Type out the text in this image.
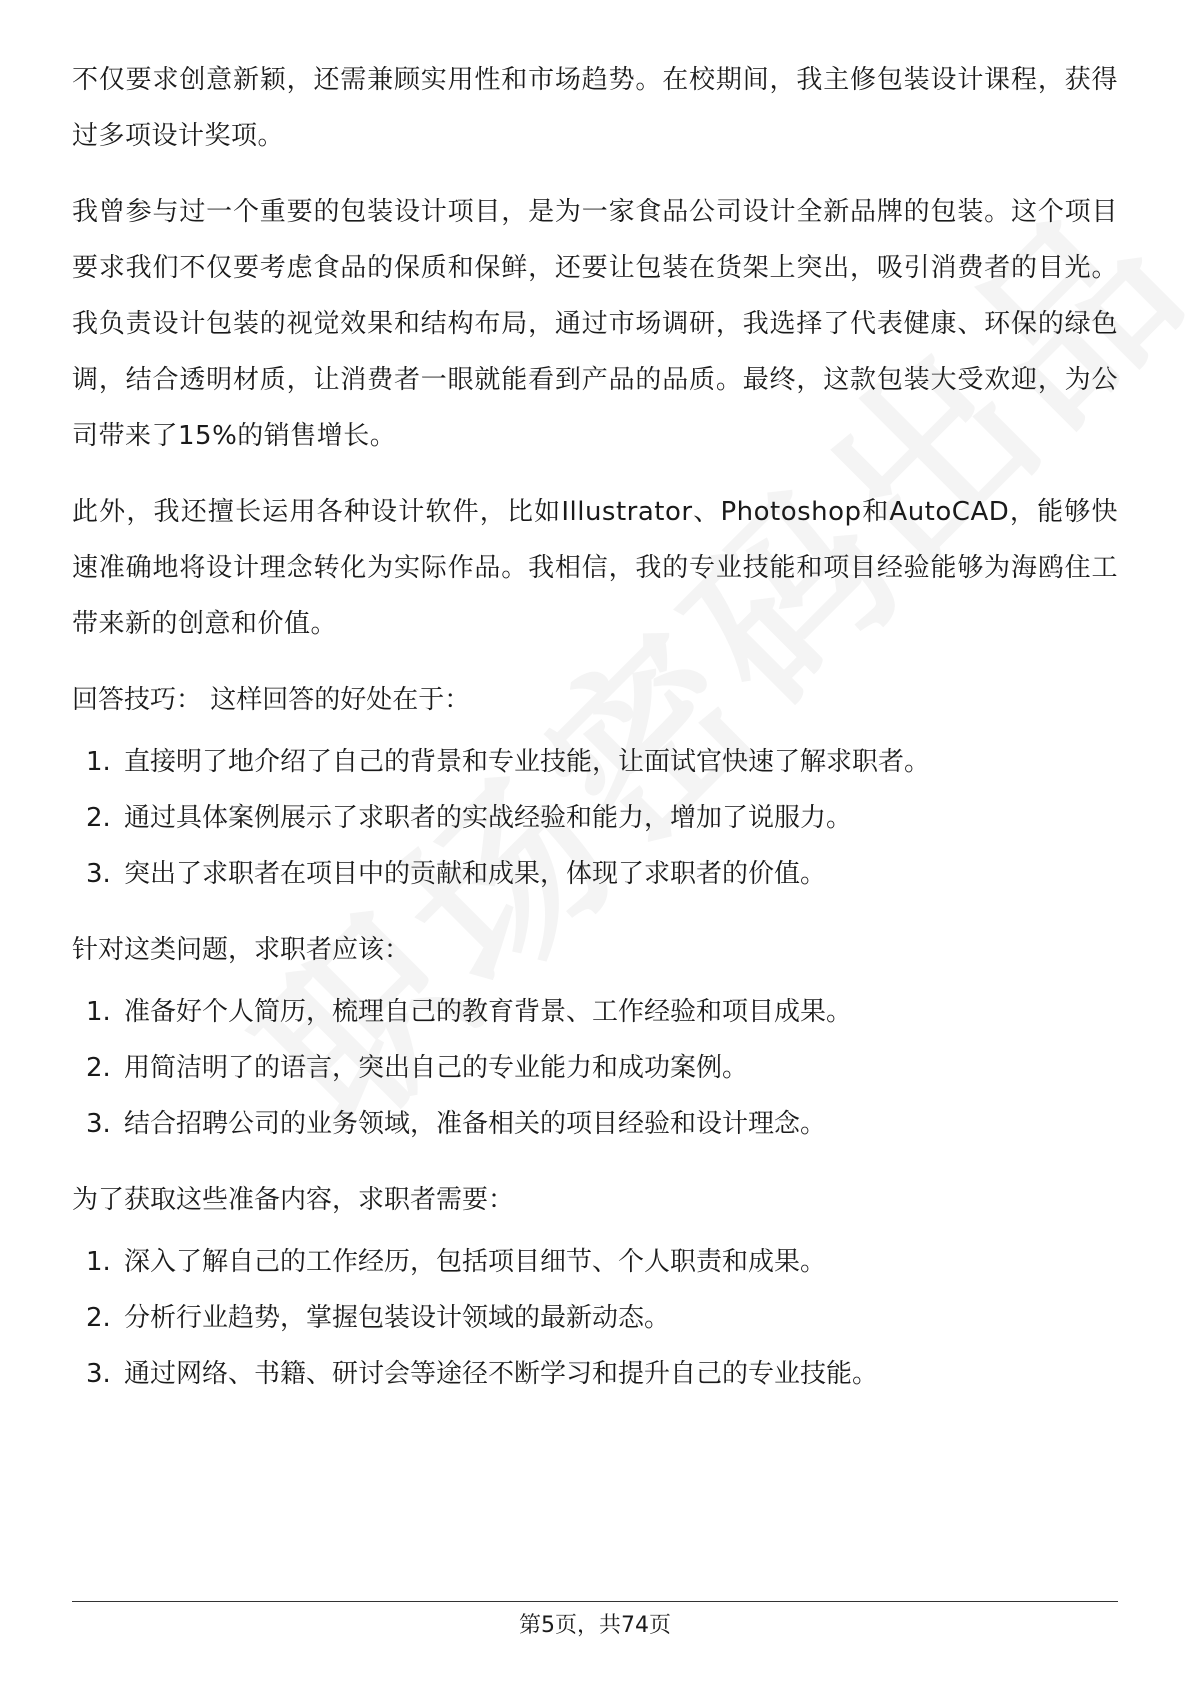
不仅要求创意新颖，还需兼顾实用性和市场趋势。在校期间，我主修包装设计课程，获得过多项设计奖项。

我曾参与过一个重要的包装设计项目，是为一家食品公司设计全新品牌的包装。这个项目要求我们不仅要考虑食品的保质和保鲜，还要让包装在货架上突出，吸引消费者的目光。我负责设计包装的视觉效果和结构布局，通过市场调研，我选择了代表健康、环保的绿色调，结合透明材质，让消费者一眼就能看到产品的品质。最终，这款包装大受欢迎，为公司带来了15%的销售增长。

此外，我还擅长运用各种设计软件，比如Illustrator、Photoshop和AutoCAD，能够快速准确地将设计理念转化为实际作品。我相信，我的专业技能和项目经验能够为海鸥住工带来新的创意和价值。

回答技巧： 这样回答的好处在于：

1. 直接明了地介绍了自己的背景和专业技能，让面试官快速了解求职者。
2. 通过具体案例展示了求职者的实战经验和能力，增加了说服力。
3. 突出了求职者在项目中的贡献和成果，体现了求职者的价值。

针对这类问题，求职者应该：

1. 准备好个人简历，梳理自己的教育背景、工作经验和项目成果。
2. 用简洁明了的语言，突出自己的专业能力和成功案例。
3. 结合招聘公司的业务领域，准备相关的项目经验和设计理念。

为了获取这些准备内容，求职者需要：

1. 深入了解自己的工作经历，包括项目细节、个人职责和成果。
2. 分析行业趋势，掌握包装设计领域的最新动态。
3. 通过网络、书籍、研讨会等途径不断学习和提升自己的专业技能。
第5页，共74页
